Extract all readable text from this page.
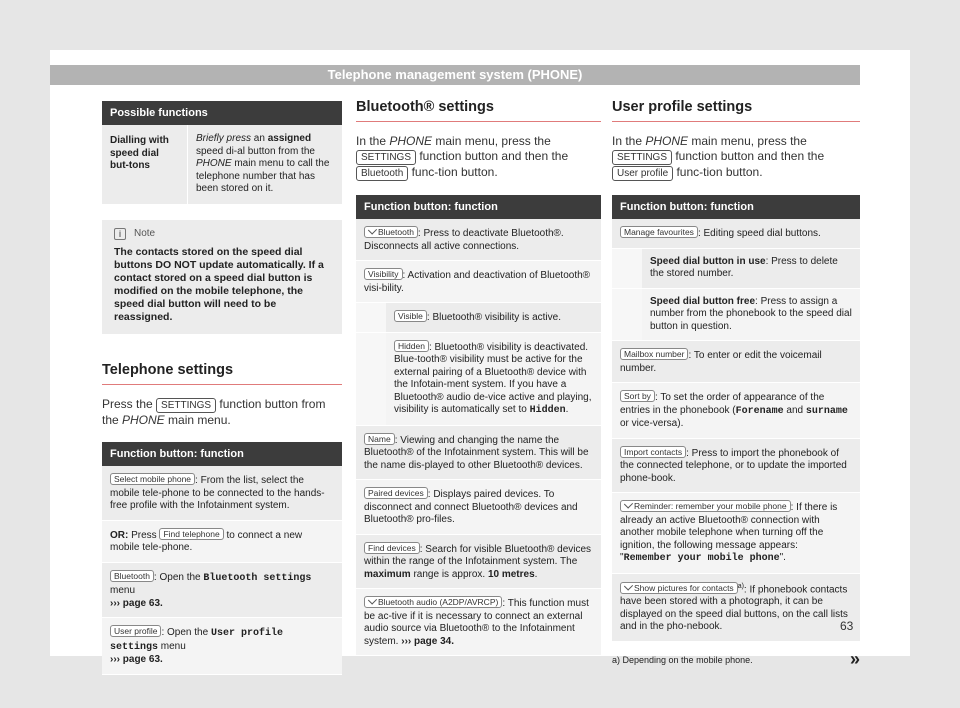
Telephone management system (PHONE)
Possible functions
Dialling with speed dial but-tons
Briefly press an assigned speed di-al button from the PHONE main menu to call the telephone number that has been stored on it.
i	Note
The contacts stored on the speed dial buttons DO NOT update automatically. If a contact stored on a speed dial button is modified on the mobile telephone, the speed dial button will need to be reassigned.
Telephone settings
Press the SETTINGS function button from the PHONE main menu.
Function button: function
Select mobile phone : From the list, select the mobile tele-phone to be connected to the hands-free profile with the Infotainment system.
OR: Press Find telephone to connect a new mobile tele-phone.
Bluetooth : Open the Bluetooth settings menu
››› page 63.
User profile : Open the User profile settings menu
››› page 63.
Bluetooth® settings
In the PHONE main menu, press the SETTINGS function button and then the Bluetooth func-tion button.
Function button: function
Bluetooth : Press to deactivate Bluetooth®. Disconnects all active connections.
Visibility : Activation and deactivation of Bluetooth® visi-bility.
Visible : Bluetooth® visibility is active.
Hidden : Bluetooth® visibility is deactivated. Blue-tooth® visibility must be active for the external pairing of a Bluetooth® device with the Infotain-ment system. If you have a Bluetooth® audio de-vice active and playing, visibility is automatically set to Hidden.
Name : Viewing and changing the name the Bluetooth® of the Infotainment system. This will be the name dis-played to other Bluetooth® devices.
Paired devices : Displays paired devices. To disconnect and connect Bluetooth® devices and Bluetooth® pro-files.
Find devices : Search for visible Bluetooth® devices within the range of the Infotainment system. The maximum range is approx. 10 metres.
Bluetooth audio (A2DP/AVRCP) : This function must be ac-tive if it is necessary to connect an external audio source via Bluetooth® to the Infotainment system. ››› page 34.
User profile settings
In the PHONE main menu, press the SETTINGS function button and then the User profile func-tion button.
Function button: function
Manage favourites : Editing speed dial buttons.
Speed dial button in use: Press to delete the stored number.
Speed dial button free: Press to assign a number from the phonebook to the speed dial button in question.
Mailbox number : To enter or edit the voicemail number.
Sort by : To set the order of appearance of the entries in the phonebook (Forename and surname or vice-versa).
Import contacts : Press to import the phonebook of the connected telephone, or to update the imported phone-book.
Reminder: remember your mobile phone : If there is already an active Bluetooth® connection with another mobile telephone when turning off the ignition, the following message appears: "Remember your mobile phone".
Show pictures for contacts $^{a)}$: If phonebook contacts have been stored with a photograph, it can be displayed on the speed dial buttons, on the call lists and in the pho-nebook.
a) Depending on the mobile phone.	»
63
